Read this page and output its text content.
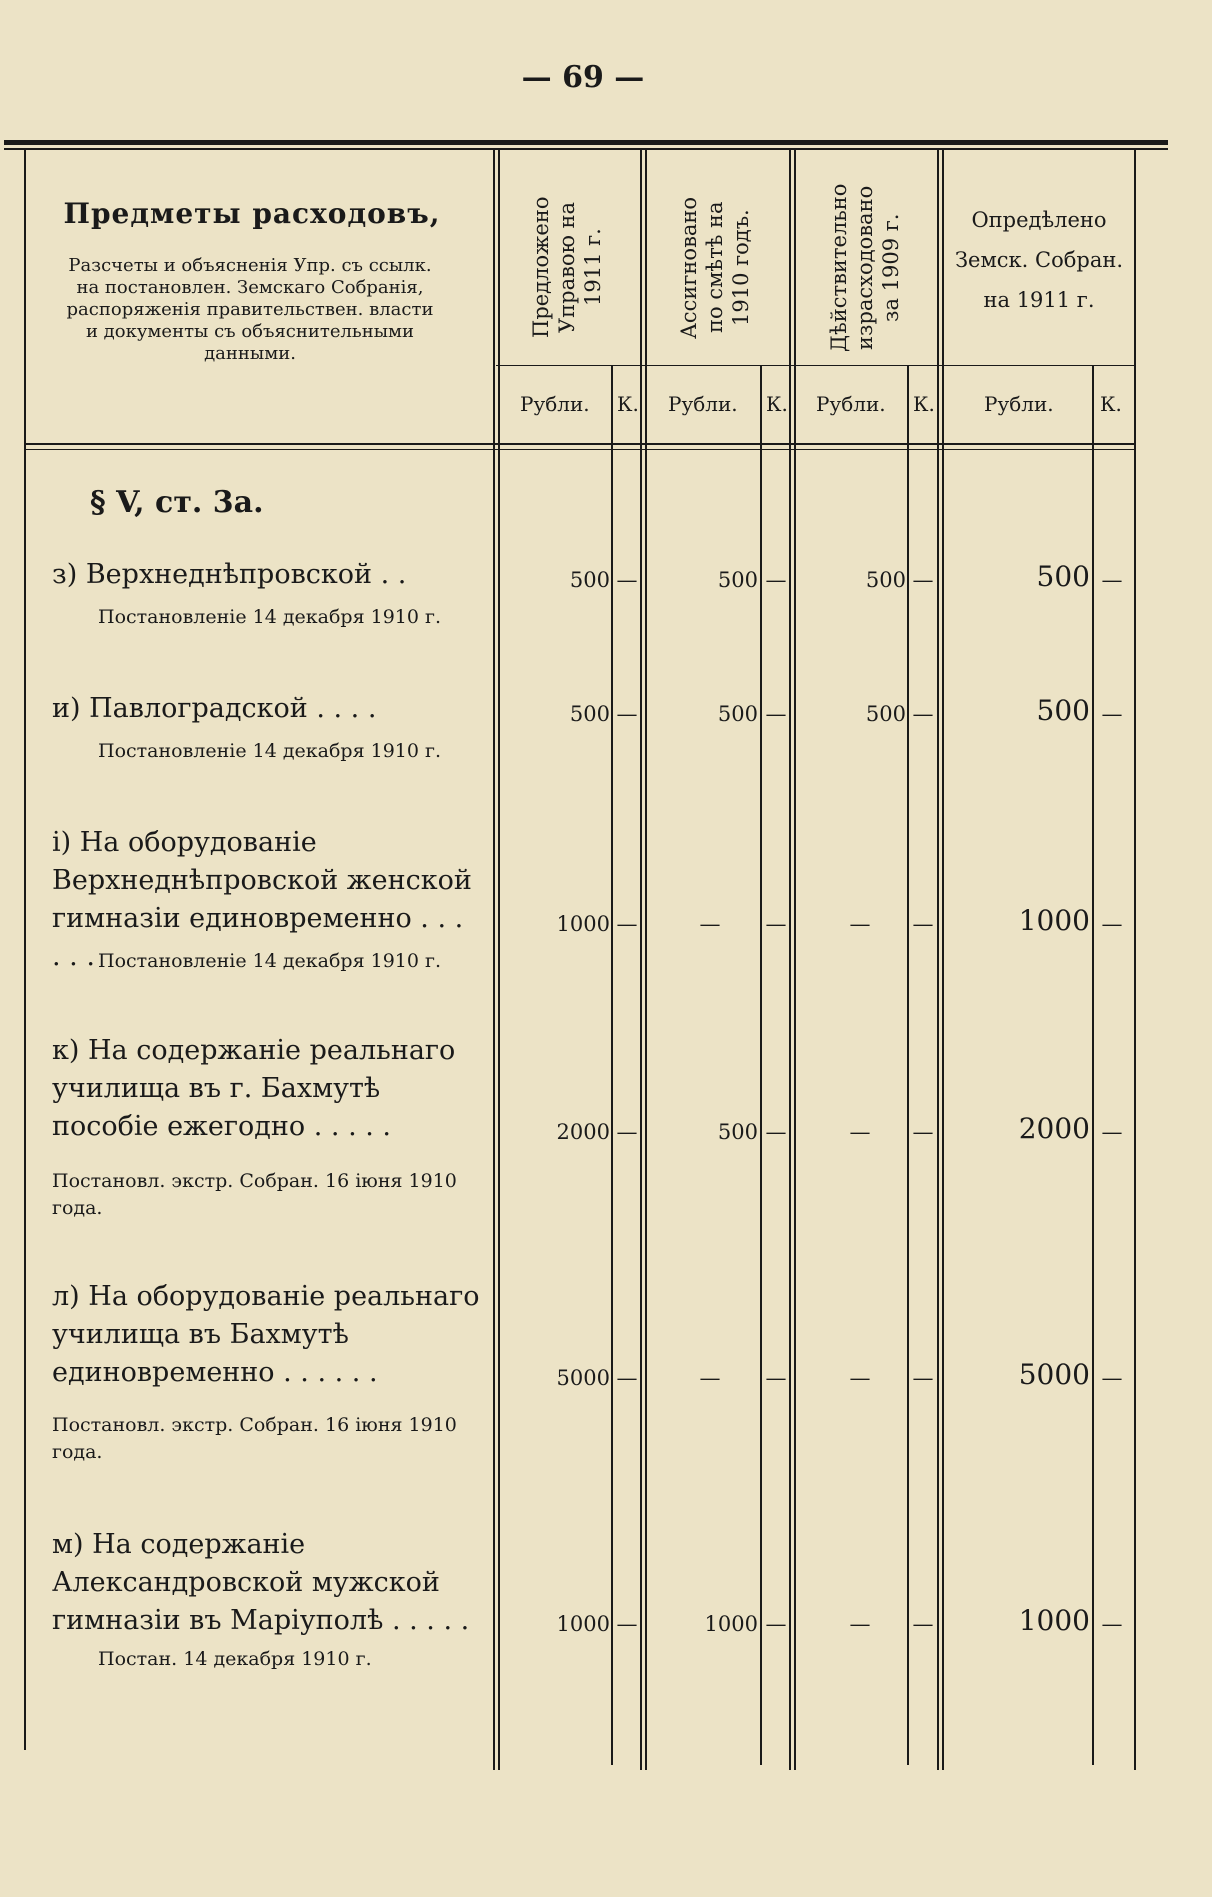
— 69 —
Предметы расходовъ,
Разсчеты и объясненія Упр. съ ссылк. на постановлен. Земскаго Собранія, распоряженія правительствен. власти и документы съ объяснительными данными.
Предложено
Управою на
1911 г.	Ассигновано
по смѣтѣ на
1910 годъ.	Дѣйствительно
израсходовано
за 1909 г.	Опредѣлено
Земск. Собран.
на 1911 г.
Рубли. К. Рубли. К. Рубли. К. Рубли. К.
§ V, ст. 3а.
з) Верхнеднѣпровской . .
Постановленіе 14 декабря 1910 г.
500 —	500 —	500 —	500 —
и) Павлоградской . . . .
Постановленіе 14 декабря 1910 г.
500 —	500 —	500 —	500 —
і) На оборудованіе Верхнеднѣпровской женской гимназіи единовременно . . . . . . Постановленіе 14 декабря 1910 г.
1000 —	— —	— —	1000 —
к) На содержаніе реальнаго училища въ г. Бахмутѣ пособіе ежегодно . . . . .
Постановл. экстр. Собран. 16 іюня 1910 года.
2000 —	500 —	— —	2000 —
л) На оборудованіе реальнаго училища въ Бахмутѣ единовременно . . . . . .
Постановл. экстр. Собран. 16 іюня 1910 года.
5000 —	— —	— —	5000 —
м) На содержаніе Александровской мужской гимназіи въ Маріуполѣ . . . . .
Постан. 14 декабря 1910 г.
1000 —	1000 —	— —	1000 —
